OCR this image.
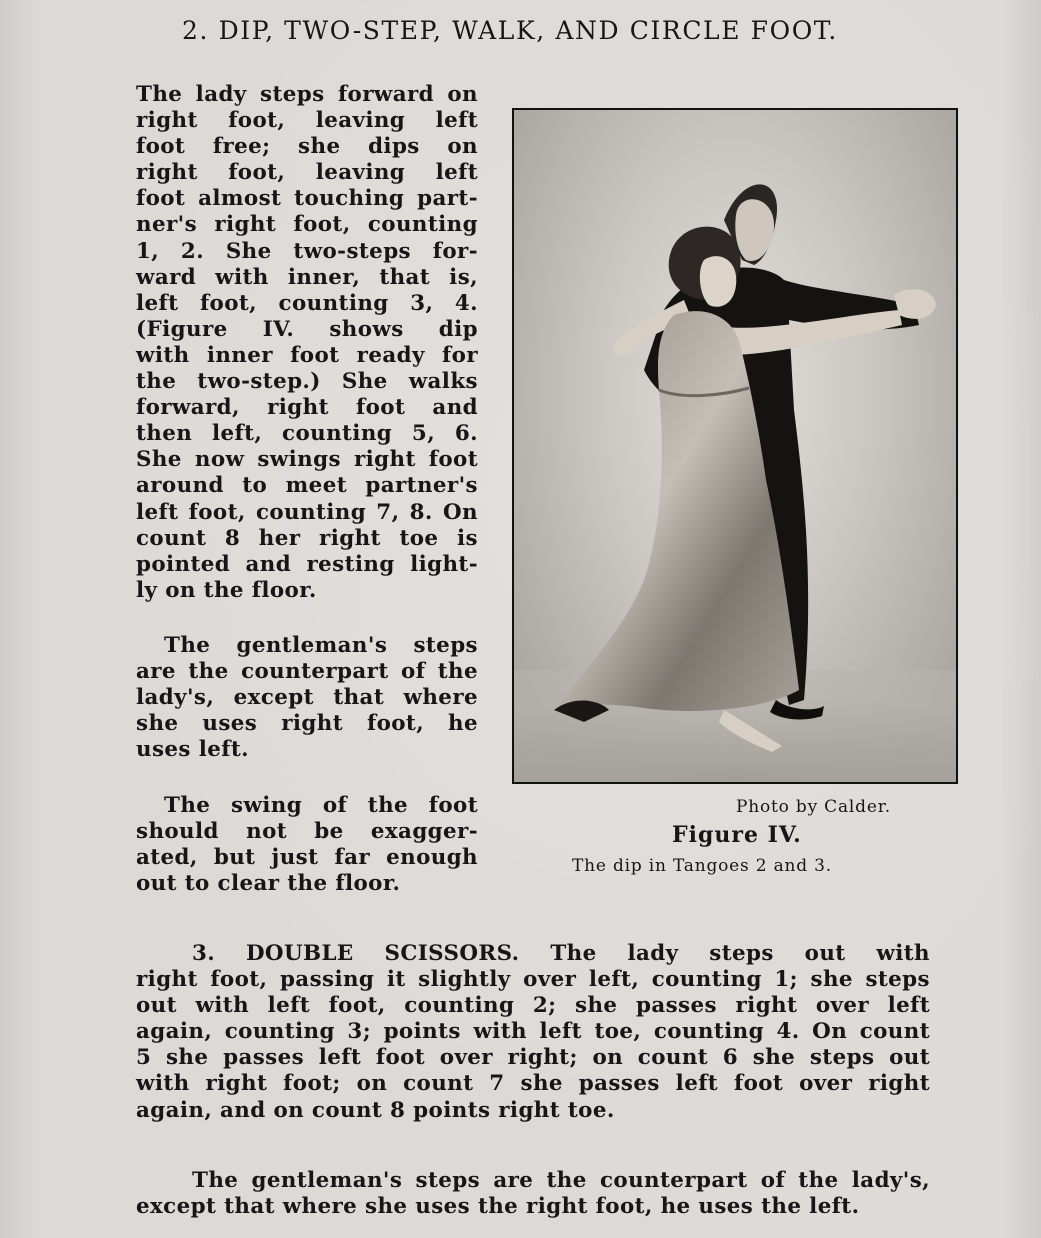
2. DIP, TWO-STEP, WALK, AND CIRCLE FOOT.
The lady steps forward on
right foot, leaving left
foot free; she dips on
right foot, leaving left
foot almost touching part-
ner's right foot, counting
1, 2. She two-steps for-
ward with inner, that is,
left foot, counting 3, 4.
(Figure IV. shows dip
with inner foot ready for
the two-step.) She walks
forward, right foot and
then left, counting 5, 6.
She now swings right foot
around to meet partner's
left foot, counting 7, 8. On
count 8 her right toe is
pointed and resting light-
ly on the floor.
The gentleman's steps
are the counterpart of the
lady's, except that where
she uses right foot, he
uses left.
The swing of the foot
should not be exagger-
ated, but just far enough
out to clear the floor.
Photo by Calder.
Figure IV.
The dip in Tangoes 2 and 3.
3. DOUBLE SCISSORS. The lady steps out with
right foot, passing it slightly over left, counting 1; she steps
out with left foot, counting 2; she passes right over left
again, counting 3; points with left toe, counting 4. On count
5 she passes left foot over right; on count 6 she steps out
with right foot; on count 7 she passes left foot over right
again, and on count 8 points right toe.
The gentleman's steps are the counterpart of the lady's,
except that where she uses the right foot, he uses the left.
